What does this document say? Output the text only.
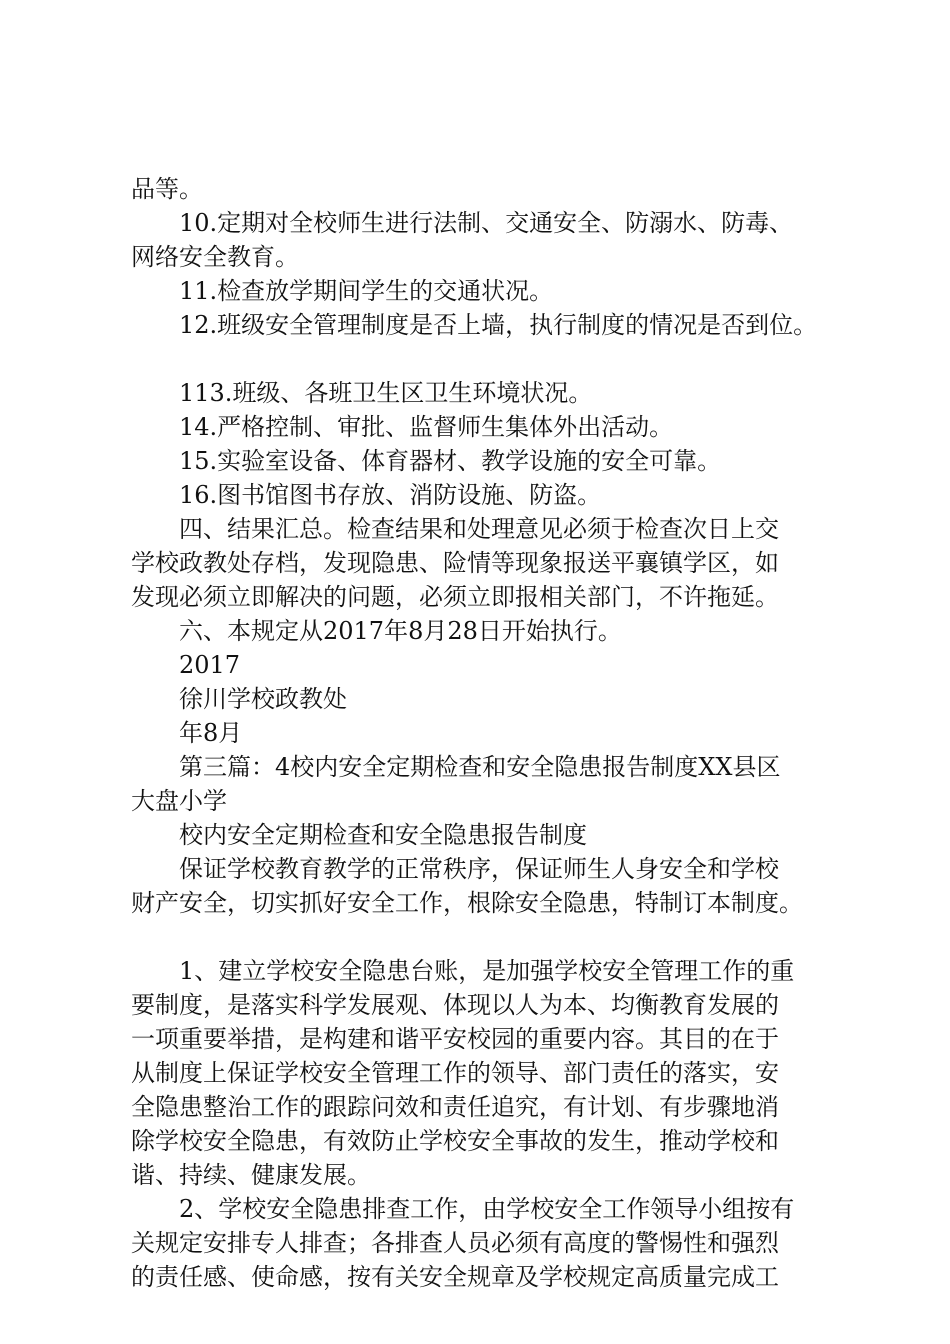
品等。
10.定期对全校师生进行法制、交通安全、防溺水、防毒、
网络安全教育。
11.检查放学期间学生的交通状况。
12.班级安全管理制度是否上墙，执行制度的情况是否到位。
113.班级、各班卫生区卫生环境状况。
14.严格控制、审批、监督师生集体外出活动。
15.实验室设备、体育器材、教学设施的安全可靠。
16.图书馆图书存放、消防设施、防盗。
四、结果汇总。检查结果和处理意见必须于检查次日上交
学校政教处存档，发现隐患、险情等现象报送平襄镇学区，如
发现必须立即解决的问题，必须立即报相关部门，不许拖延。
六、本规定从2017年8月28日开始执行。
2017
徐川学校政教处
年8月
第三篇：4校内安全定期检查和安全隐患报告制度XX县区
大盘小学
校内安全定期检查和安全隐患报告制度
保证学校教育教学的正常秩序，保证师生人身安全和学校
财产安全，切实抓好安全工作，根除安全隐患，特制订本制度。
1、建立学校安全隐患台账，是加强学校安全管理工作的重
要制度，是落实科学发展观、体现以人为本、均衡教育发展的
一项重要举措，是构建和谐平安校园的重要内容。其目的在于
从制度上保证学校安全管理工作的领导、部门责任的落实，安
全隐患整治工作的跟踪问效和责任追究，有计划、有步骤地消
除学校安全隐患，有效防止学校安全事故的发生，推动学校和
谐、持续、健康发展。
2、学校安全隐患排查工作，由学校安全工作领导小组按有
关规定安排专人排查；各排查人员必须有高度的警惕性和强烈
的责任感、使命感，按有关安全规章及学校规定高质量完成工
